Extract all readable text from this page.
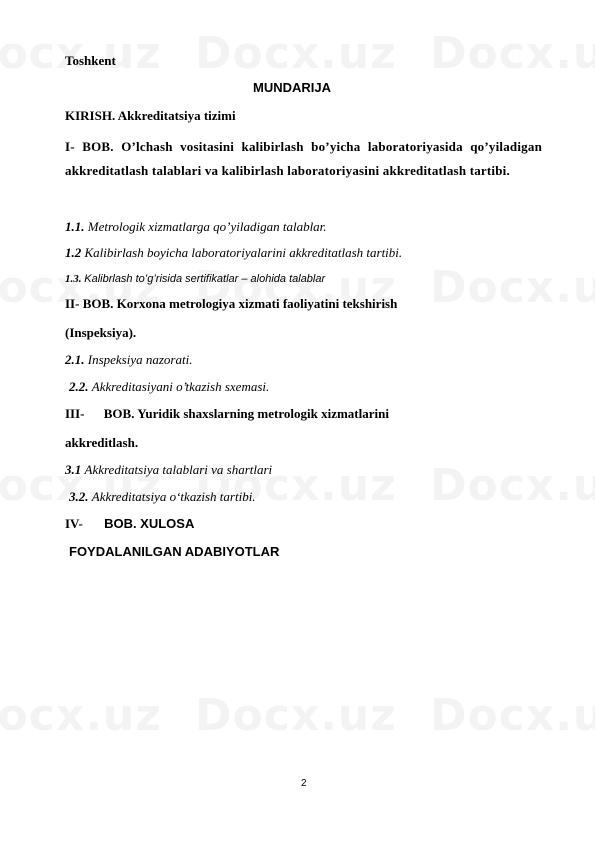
Toshkent
MUNDARIJA
KIRISH. Akkreditatsiya tizimi
I- BOB. O’lchash vositasini kalibirlash bo’yicha laboratoriyasida qo’yiladigan akkreditatlash talablari va kalibirlash laboratoriyasini akkreditatlash tartibi.
1.1. Metrologik xizmatlarga qo’yiladigan talablar.
1.2 Kalibirlash boyicha laboratoriyalarini akkreditatlash tartibi.
1.3. Kalibrlash to’g’risida sertifikatlar – alohida talablar
II- BOB. Korxona metrologiya xizmati faoliyatini tekshirish
(Inspeksiya).
2.1. Inspeksiya nazorati.
2.2. Akkreditasiyani o’tkazish sxemasi.
III- BOB. Yuridik shaxslarning metrologik xizmatlarini
akkreditlash.
3.1 Akkreditatsiya talablari va shartlari
3.2. Akkreditatsiya o‘tkazish tartibi.
IV- BOB. XULOSA
FOYDALANILGAN ADABIYOTLAR
2
